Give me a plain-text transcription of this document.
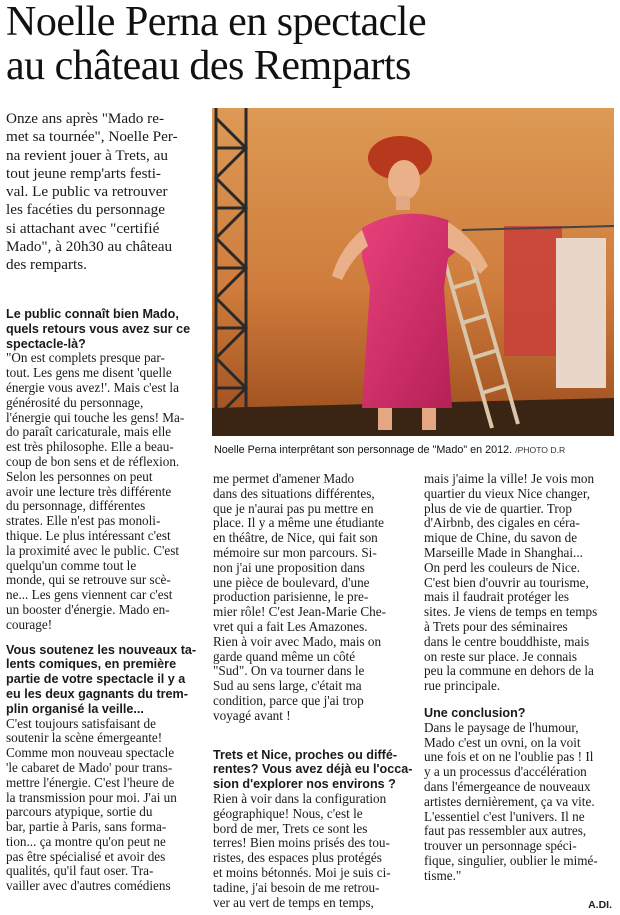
Noelle Perna en spectacle
au château des Remparts
Onze ans après "Mado re-
met sa tournée", Noelle Per-
na revient jouer à Trets, au
tout jeune remp'arts festi-
val. Le public va retrouver
les facéties du personnage
si attachant avec "certifié
Mado", à 20h30 au château
des remparts.
Noelle Perna interprêtant son personnage de "Mado" en 2012. /PHOTO D.R
Le public connaît bien Mado,
quels retours vous avez sur ce
spectacle-là?
"On est complets presque par-
tout. Les gens me disent 'quelle
énergie vous avez!'. Mais c'est la
générosité du personnage,
l'énergie qui touche les gens! Ma-
do paraît caricaturale, mais elle
est très philosophe. Elle a beau-
coup de bon sens et de réflexion.
Selon les personnes on peut
avoir une lecture très différente
du personnage, différentes
strates. Elle n'est pas monoli-
thique. Le plus intéressant c'est
la proximité avec le public. C'est
quelqu'un comme tout le
monde, qui se retrouve sur scè-
ne... Les gens viennent car c'est
un booster d'énergie. Mado en-
courage!
Vous soutenez les nouveaux ta-
lents comiques, en première
partie de votre spectacle il y a
eu les deux gagnants du trem-
plin organisé la veille...
C'est toujours satisfaisant de
soutenir la scène émergeante!
Comme mon nouveau spectacle
'le cabaret de Mado' pour trans-
mettre l'énergie. C'est l'heure de
la transmission pour moi. J'ai un
parcours atypique, sortie du
bar, partie à Paris, sans forma-
tion... ça montre qu'on peut ne
pas être spécialisé et avoir des
qualités, qu'il faut oser. Tra-
vailler avec d'autres comédiens
me permet d'amener Mado
dans des situations différentes,
que je n'aurai pas pu mettre en
place. Il y a même une étudiante
en théâtre, de Nice, qui fait son
mémoire sur mon parcours. Si-
non j'ai une proposition dans
une pièce de boulevard, d'une
production parisienne, le pre-
mier rôle! C'est Jean-Marie Che-
vret qui a fait Les Amazones.
Rien à voir avec Mado, mais on
garde quand même un côté
"Sud". On va tourner dans le
Sud au sens large, c'était ma
condition, parce que j'ai trop
voyagé avant !
Trets et Nice, proches ou diffé-
rentes? Vous avez déjà eu l'occa-
sion d'explorer nos environs ?
Rien à voir dans la configuration
géographique! Nous, c'est le
bord de mer, Trets ce sont les
terres! Bien moins prisés des tou-
ristes, des espaces plus protégés
et moins bétonnés. Moi je suis ci-
tadine, j'ai besoin de me retrou-
ver au vert de temps en temps,
mais j'aime la ville! Je vois mon
quartier du vieux Nice changer,
plus de vie de quartier. Trop
d'Airbnb, des cigales en céra-
mique de Chine, du savon de
Marseille Made in Shanghai...
On perd les couleurs de Nice.
C'est bien d'ouvrir au tourisme,
mais il faudrait protéger les
sites. Je viens de temps en temps
à Trets pour des séminaires
dans le centre bouddhiste, mais
on reste sur place. Je connais
peu la commune en dehors de la
rue principale.
Une conclusion?
Dans le paysage de l'humour,
Mado c'est un ovni, on la voit
une fois et on ne l'oublie pas ! Il
y a un processus d'accélération
dans l'émergeance de nouveaux
artistes dernièrement, ça va vite.
L'essentiel c'est l'univers. Il ne
faut pas ressembler aux autres,
trouver un personnage spéci-
fique, singulier, oublier le mimé-
tisme."
A.DI.
